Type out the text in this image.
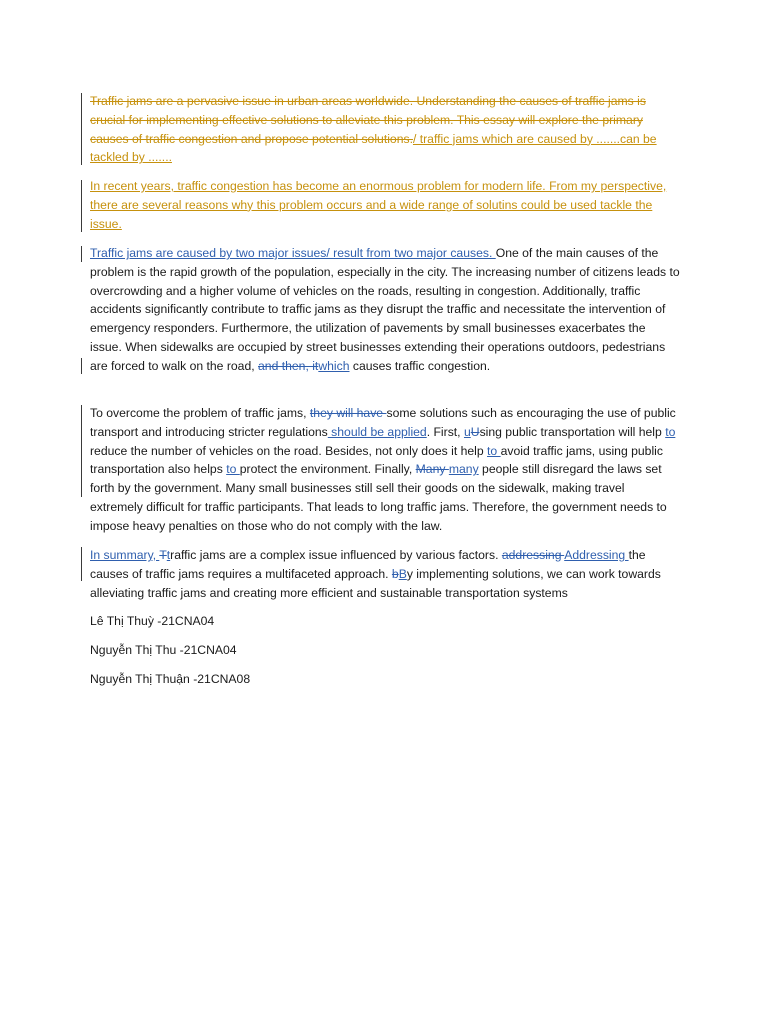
Traffic jams are a pervasive issue in urban areas worldwide. Understanding the causes of traffic jams is crucial for implementing effective solutions to alleviate this problem. This essay will explore the primary causes of traffic congestion and propose potential solutions./ traffic jams which are caused by .......can be tackled by .......

In recent years, traffic congestion has become an enormous problem for modern life. From my perspective, there are several reasons why this problem occurs and a wide range of solutins could be used tackle the issue.

Traffic jams are caused by two major issues/ result from two major causes. One of the main causes of the problem is the rapid growth of the population, especially in the city. The increasing number of citizens leads to overcrowding and a higher volume of vehicles on the roads, resulting in congestion. Additionally, traffic accidents significantly contribute to traffic jams as they disrupt the traffic and necessitate the intervention of emergency responders. Furthermore, the utilization of pavements by small businesses exacerbates the issue. When sidewalks are occupied by street businesses extending their operations outdoors, pedestrians are forced to walk on the road, and then, itwhich causes traffic congestion.

To overcome the problem of traffic jams, they will have some solutions such as encouraging the use of public transport and introducing stricter regulations should be applied. First, uUsing public transportation will help to reduce the number of vehicles on the road. Besides, not only does it help to avoid traffic jams, using public transportation also helps to protect the environment. Finally, Many many people still disregard the laws set forth by the government. Many small businesses still sell their goods on the sidewalk, making travel extremely difficult for traffic participants. That leads to long traffic jams. Therefore, the government needs to impose heavy penalties on those who do not comply with the law.

In summary, Ttraffic jams are a complex issue influenced by various factors. addressing Addressing the causes of traffic jams requires a multifaceted approach. bBy implementing solutions, we can work towards alleviating traffic jams and creating more efficient and sustainable transportation systems

Lê Thị Thuỳ -21CNA04

Nguyễn Thị Thu -21CNA04

Nguyễn Thị Thuận -21CNA08
